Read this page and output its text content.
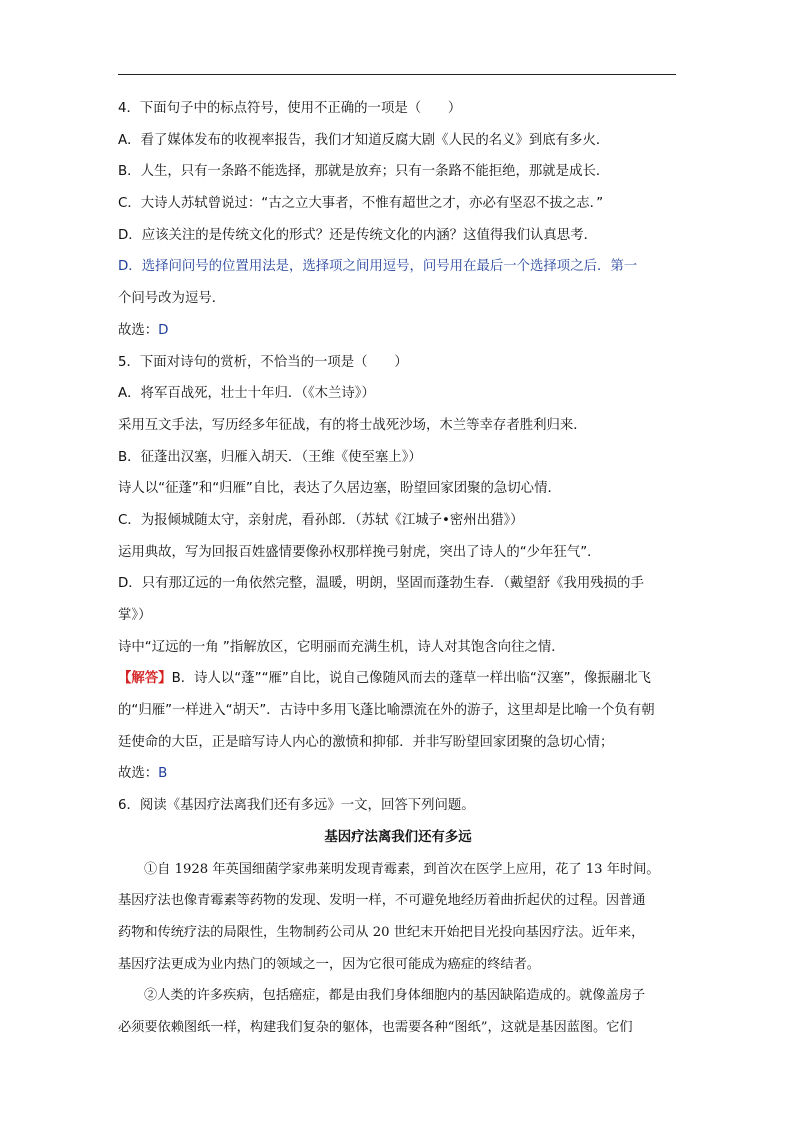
4．下面句子中的标点符号，使用不正确的一项是（　　）
A．看了媒体发布的收视率报告，我们才知道反腐大剧《人民的名义》到底有多火．
B．人生，只有一条路不能选择，那就是放弃；只有一条路不能拒绝，那就是成长．
C．大诗人苏轼曾说过：“古之立大事者，不惟有超世之才，亦必有坚忍不拔之志．”
D．应该关注的是传统文化的形式？还是传统文化的内涵？这值得我们认真思考．
D．选择问问号的位置用法是，选择项之间用逗号，问号用在最后一个选择项之后．第一
个问号改为逗号．
故选：D
5．下面对诗句的赏析，不恰当的一项是（　　）
A．将军百战死，壮士十年归．（《木兰诗》）
采用互文手法，写历经多年征战，有的将士战死沙场，木兰等幸存者胜利归来．
B．征蓬出汉塞，归雁入胡天．（王维《使至塞上》）
诗人以“征蓬”和“归雁”自比，表达了久居边塞，盼望回家团聚的急切心情．
C．为报倾城随太守，亲射虎，看孙郎．（苏轼《江城子•密州出猎》）
运用典故，写为回报百姓盛情要像孙权那样挽弓射虎，突出了诗人的“少年狂气”．
D．只有那辽远的一角依然完整，温暖，明朗，坚固而蓬勃生春．（戴望舒《我用残损的手
掌》）
诗中“辽远的一角 ”指解放区，它明丽而充满生机，诗人对其饱含向往之情．
【解答】B．诗人以“蓬”“雁”自比，说自己像随风而去的蓬草一样出临“汉塞”，像振翮北飞
的“归雁”一样进入“胡天”．古诗中多用飞蓬比喻漂流在外的游子，这里却是比喻一个负有朝
廷使命的大臣，正是暗写诗人内心的激愤和抑郁．并非写盼望回家团聚的急切心情；
故选：B
6．阅读《基因疗法离我们还有多远》一文，回答下列问题。
基因疗法离我们还有多远
①自 1928 年英国细菌学家弗莱明发现青霉素，到首次在医学上应用，花了 13 年时间。
基因疗法也像青霉素等药物的发现、发明一样，不可避免地经历着曲折起伏的过程。因普通
药物和传统疗法的局限性，生物制药公司从 20 世纪末开始把目光投向基因疗法。近年来，
基因疗法更成为业内热门的领域之一，因为它很可能成为癌症的终结者。
②人类的许多疾病，包括癌症，都是由我们身体细胞内的基因缺陷造成的。就像盖房子
必须要依赖图纸一样，构建我们复杂的躯体，也需要各种“图纸”，这就是基因蓝图。它们
